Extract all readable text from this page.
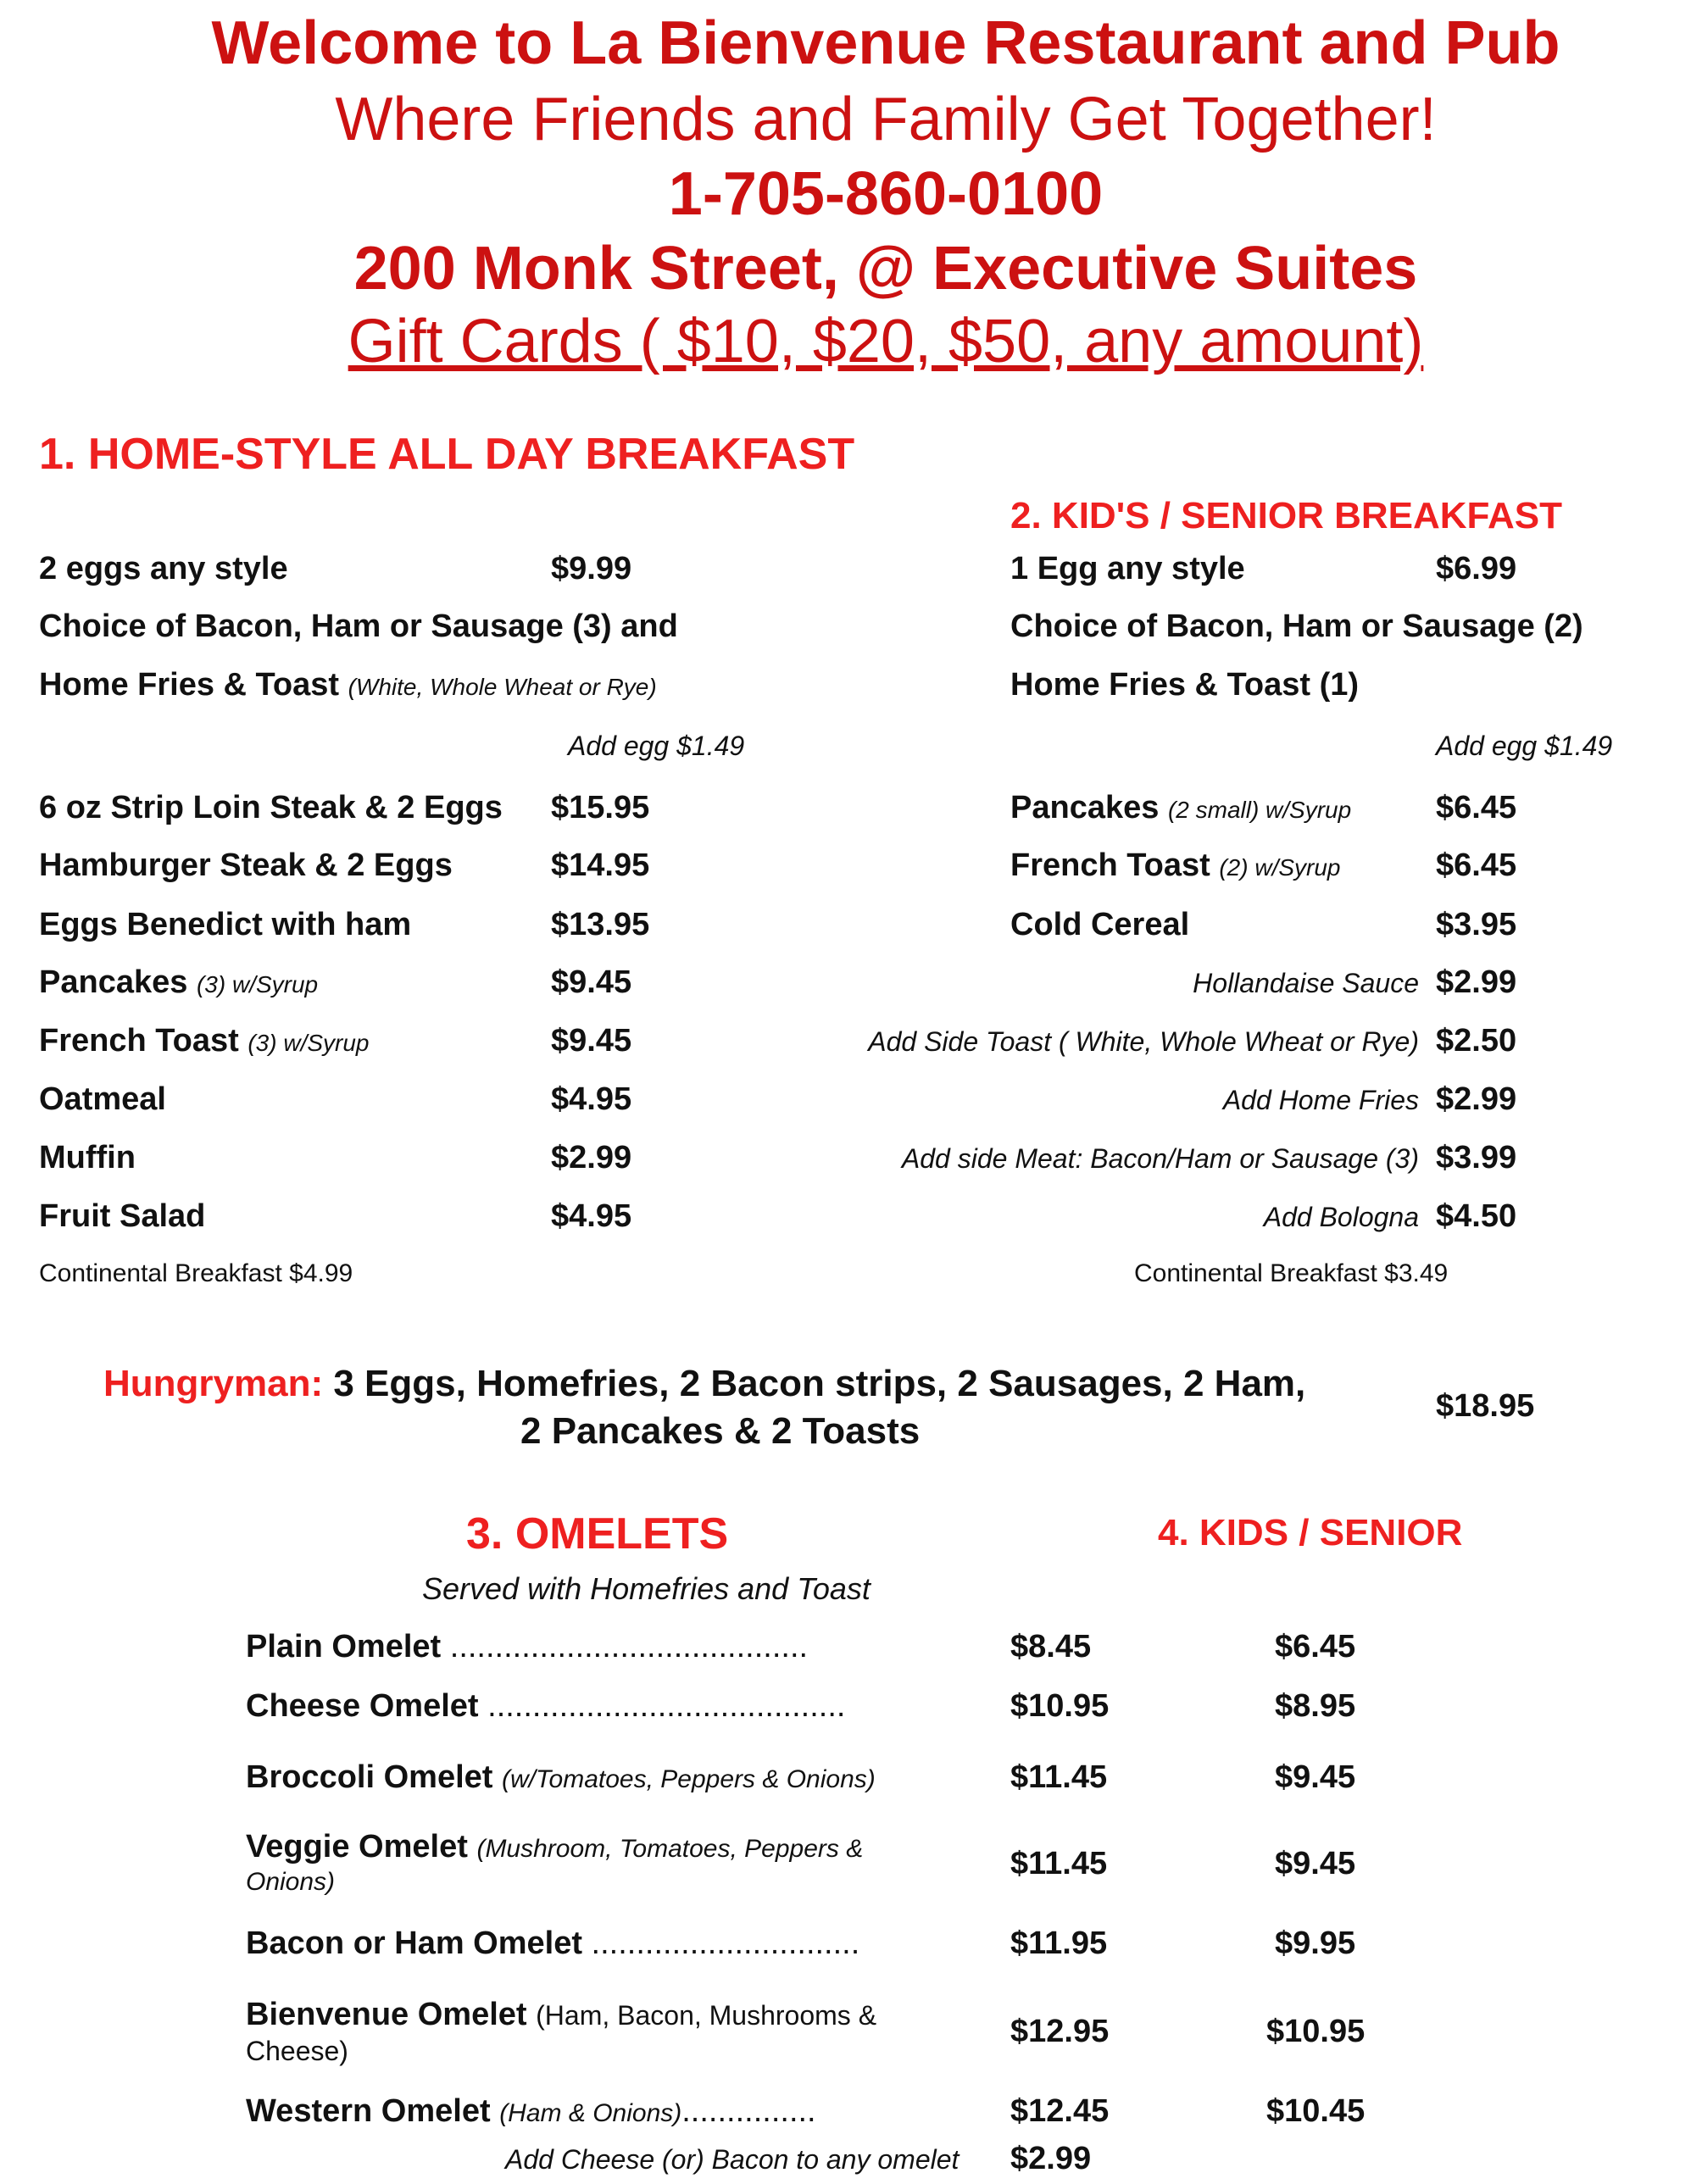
Welcome to La Bienvenue Restaurant and Pub
Where Friends and Family Get Together!
1-705-860-0100
200 Monk Street, @ Executive Suites
Gift Cards ( $10, $20, $50, any amount)
1. HOME-STYLE ALL DAY BREAKFAST
2 eggs any style	$9.99
Choice of Bacon, Ham or Sausage (3) and
Home Fries & Toast (White, Whole Wheat or Rye)
Add egg $1.49
6 oz Strip Loin Steak & 2 Eggs $15.95
Hamburger Steak & 2 Eggs	$14.95
Eggs Benedict with ham	$13.95
Pancakes (3) w/Syrup	$9.45
French Toast (3) w/Syrup	$9.45
Oatmeal	$4.95
Muffin	$2.99
Fruit Salad	$4.95
Continental Breakfast $4.99
2. KID'S / SENIOR BREAKFAST
1 Egg any style	$6.99
Choice of Bacon, Ham or Sausage (2)
Home Fries & Toast (1)
Add egg $1.49
Pancakes (2 small) w/Syrup	$6.45
French Toast (2) w/Syrup	$6.45
Cold Cereal	$3.95
Hollandaise Sauce $2.99
Add Side Toast ( White, Whole Wheat or Rye) $2.50
Add Home Fries $2.99
Add side Meat: Bacon/Ham or Sausage (3) $3.99
Add Bologna $4.50
Continental Breakfast $3.49
Hungryman: 3 Eggs, Homefries, 2 Bacon strips, 2 Sausages, 2 Ham,
2 Pancakes & 2 Toasts
$18.95
3. OMELETS	4. KIDS / SENIOR
Served with Homefries and Toast
Plain Omelet ........................................	$8.45	$6.45
Cheese Omelet ........................................	$10.95	$8.95
Broccoli Omelet (w/Tomatoes, Peppers & Onions)	$11.45	$9.45
Veggie Omelet (Mushroom, Tomatoes, Peppers &
Onions)
$11.45	$9.45
Bacon or Ham Omelet ..............................	$11.95	$9.95
Bienvenue Omelet (Ham, Bacon, Mushrooms &
Cheese)
$12.95	$10.95
Western Omelet (Ham & Onions)...............	$12.45	$10.45
Add Cheese (or) Bacon to any omelet $2.99
